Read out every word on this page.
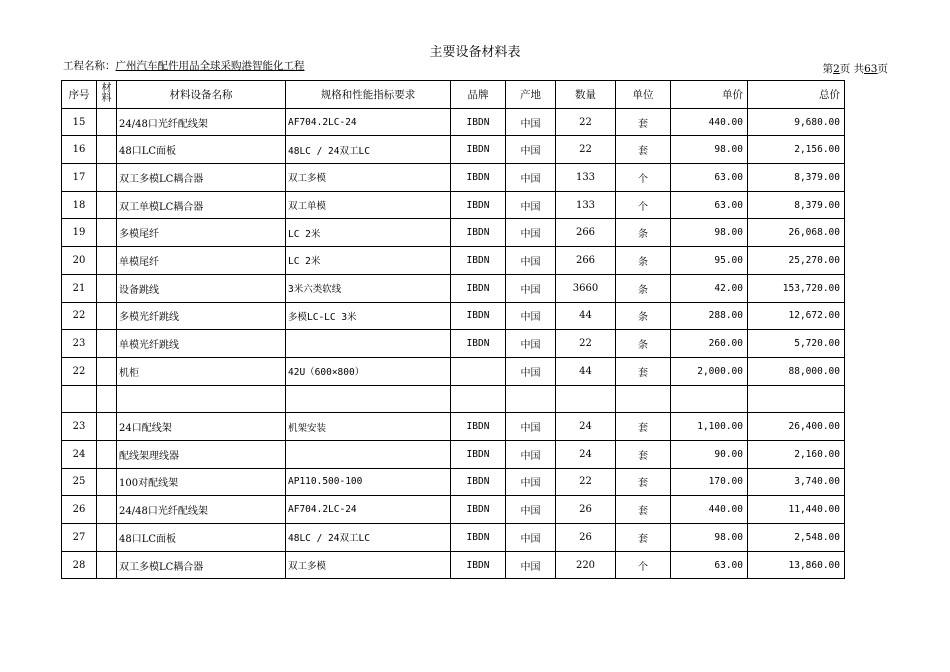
主要设备材料表
工程名称：广州汽车配件用品全球采购港智能化工程	第2页 共63页
序号	材料	材料设备名称	规格和性能指标要求	品牌	产地	数量	单位	单价	总价
15		24/48口光纤配线架	AF704.2LC-24	IBDN	中国	22	套	440.00	9,680.00
16		48口LC面板	48LC / 24双工LC	IBDN	中国	22	套	98.00	2,156.00
17		双工多模LC耦合器	双工多模	IBDN	中国	133	个	63.00	8,379.00
18		双工单模LC耦合器	双工单模	IBDN	中国	133	个	63.00	8,379.00
19		多模尾纤	LC 2米	IBDN	中国	266	条	98.00	26,068.00
20		单模尾纤	LC 2米	IBDN	中国	266	条	95.00	25,270.00
21		设备跳线	3米六类软线	IBDN	中国	3660	条	42.00	153,720.00
22		多模光纤跳线	多模LC-LC 3米	IBDN	中国	44	条	288.00	12,672.00
23		单模光纤跳线		IBDN	中国	22	条	260.00	5,720.00
22		机柜	42U（600×800）		中国	44	套	2,000.00	88,000.00

23		24口配线架	机架安装	IBDN	中国	24	套	1,100.00	26,400.00
24		配线架理线器		IBDN	中国	24	套	90.00	2,160.00
25		100对配线架	AP110.500-100	IBDN	中国	22	套	170.00	3,740.00
26		24/48口光纤配线架	AF704.2LC-24	IBDN	中国	26	套	440.00	11,440.00
27		48口LC面板	48LC / 24双工LC	IBDN	中国	26	套	98.00	2,548.00
28		双工多模LC耦合器	双工多模	IBDN	中国	220	个	63.00	13,860.00
